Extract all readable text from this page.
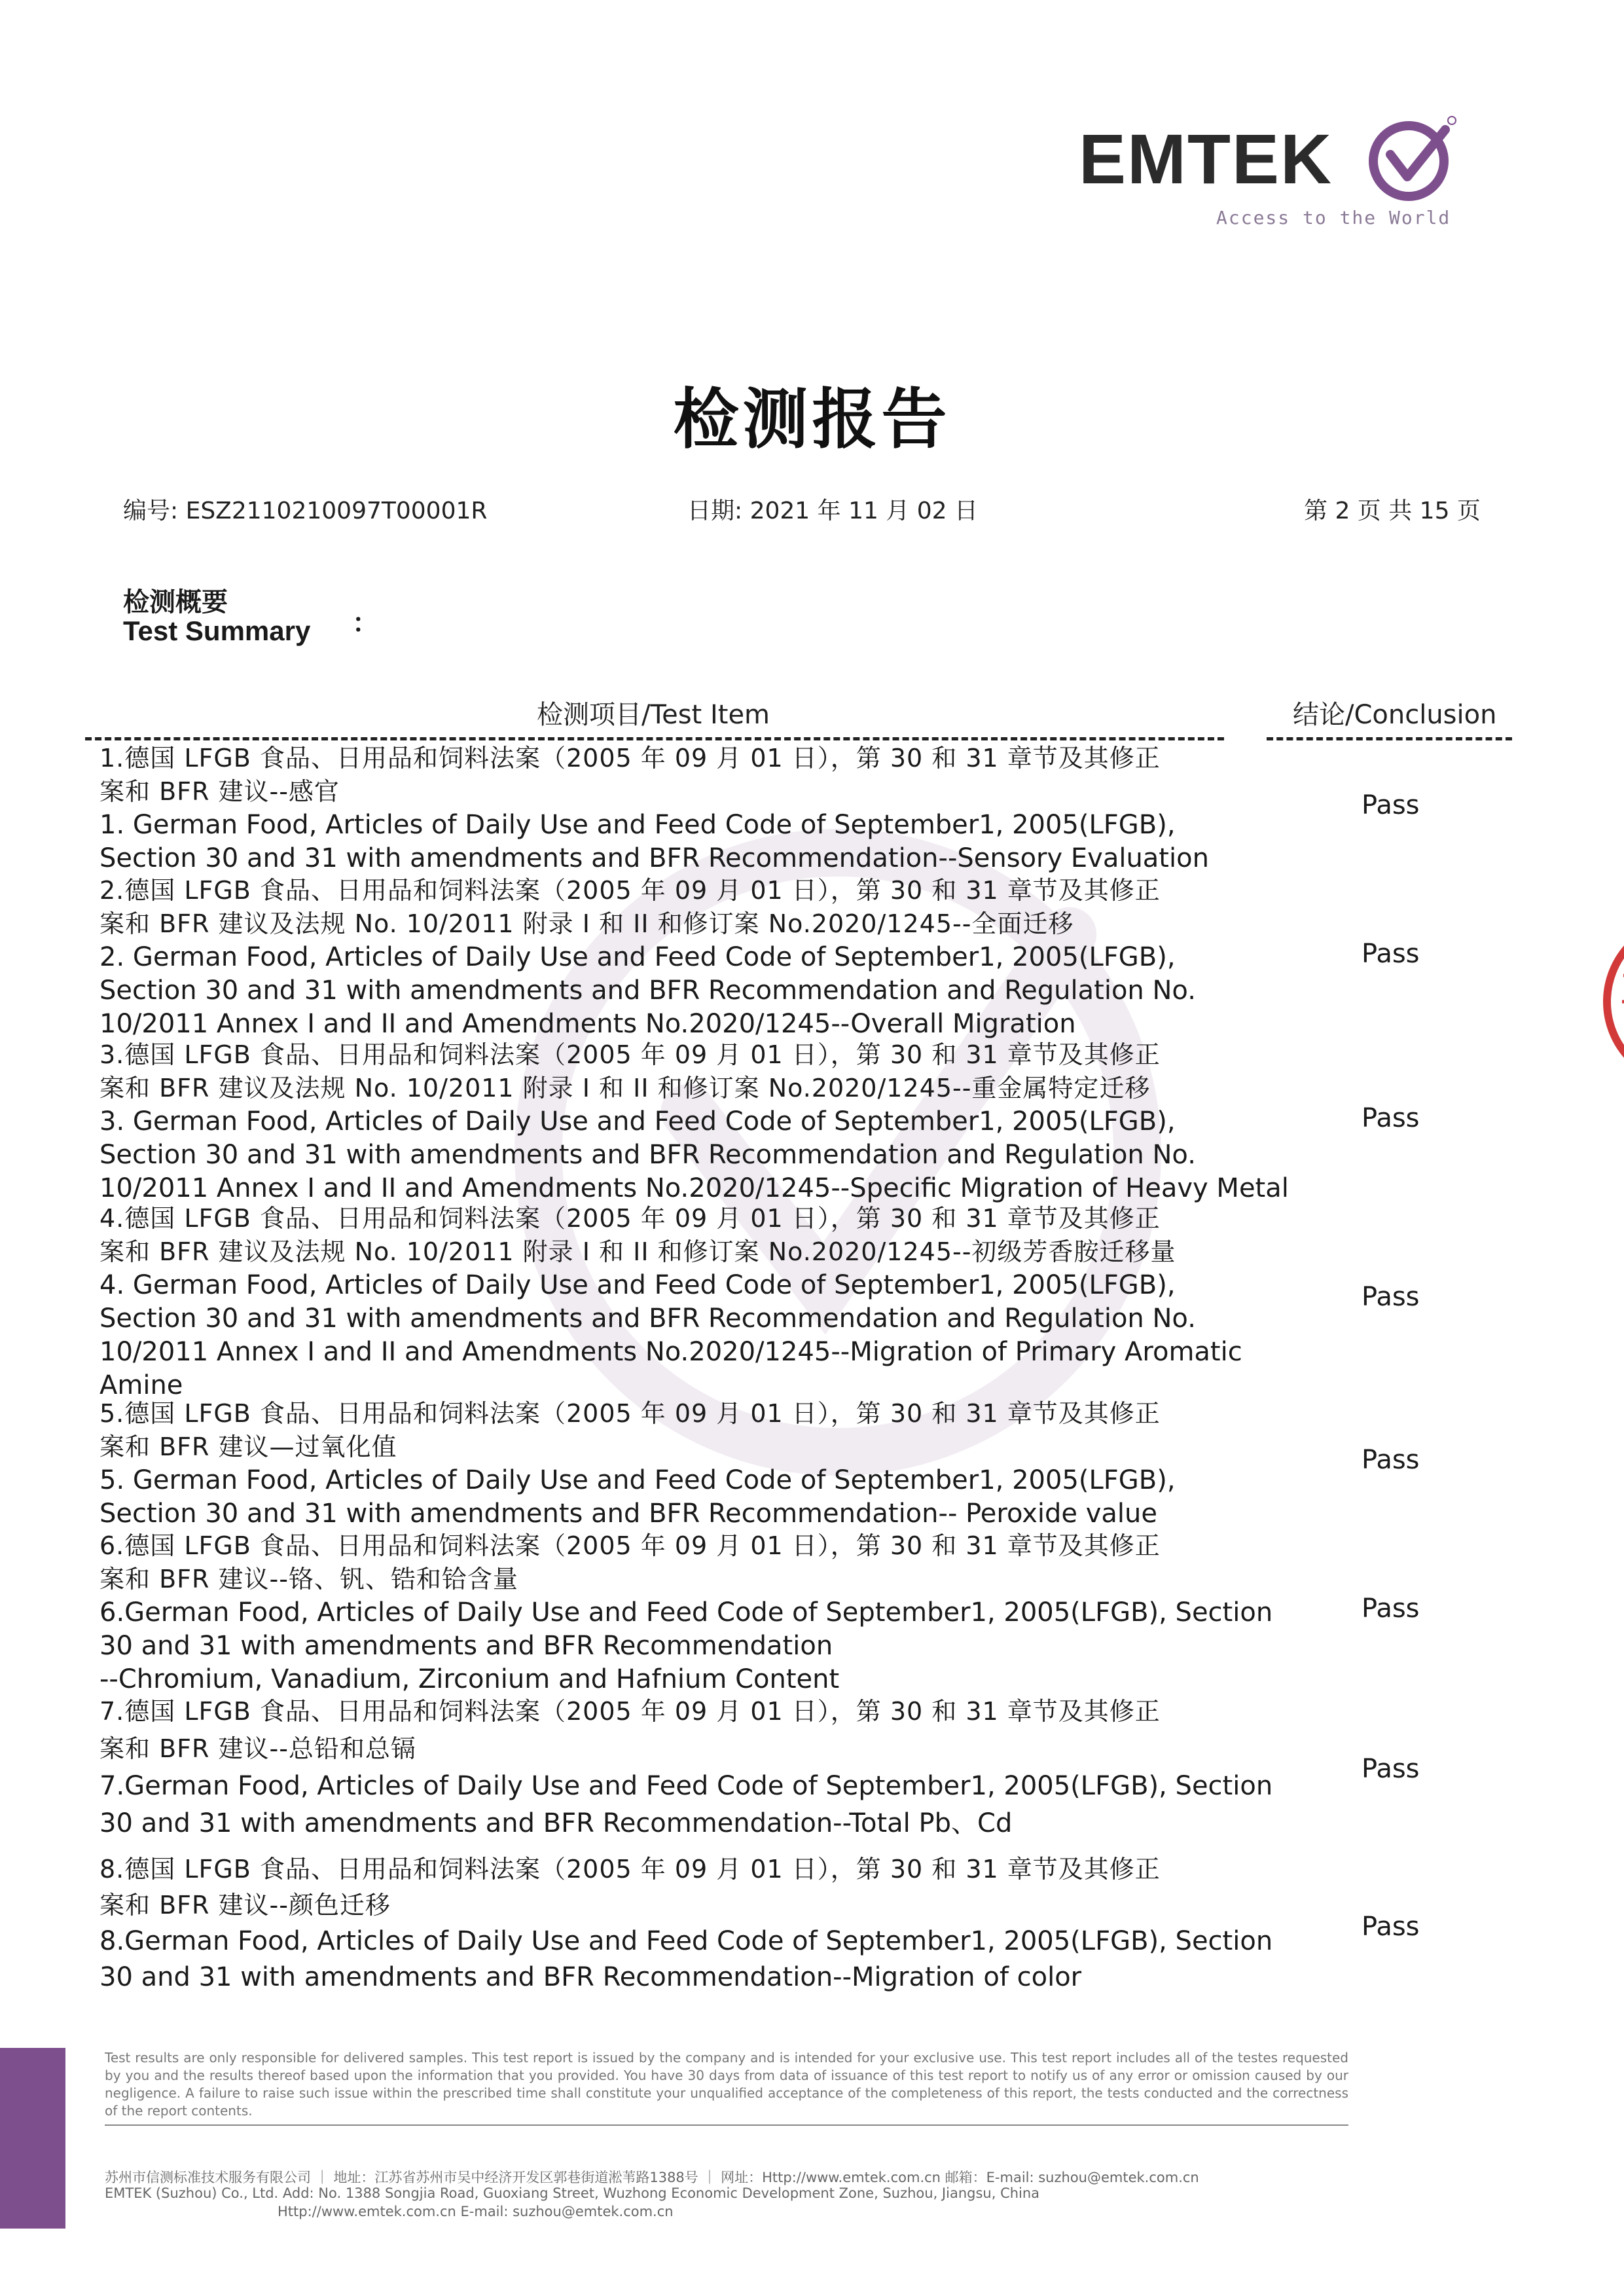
EMTEK
Access to the World
检测报告
编号: ESZ2110210097T00001R	日期: 2021 年 11 月 02 日	第 2 页 共 15 页
检测概要
Test Summary ：
检测项目/Test Item	结论/Conclusion
1.德国 LFGB 食品、日用品和饲料法案（2005 年 09 月 01 日），第 30 和 31 章节及其修正
案和 BFR 建议--感官
1. German Food, Articles of Daily Use and Feed Code of September1, 2005(LFGB),
Section 30 and 31 with amendments and BFR Recommendation--Sensory Evaluation
Pass
2.德国 LFGB 食品、日用品和饲料法案（2005 年 09 月 01 日），第 30 和 31 章节及其修正
案和 BFR 建议及法规 No. 10/2011 附录 I 和 II 和修订案 No.2020/1245--全面迁移
2. German Food, Articles of Daily Use and Feed Code of September1, 2005(LFGB),
Section 30 and 31 with amendments and BFR Recommendation and Regulation No.
10/2011 Annex I and II and Amendments No.2020/1245--Overall Migration
Pass
3.德国 LFGB 食品、日用品和饲料法案（2005 年 09 月 01 日），第 30 和 31 章节及其修正
案和 BFR 建议及法规 No. 10/2011 附录 I 和 II 和修订案 No.2020/1245--重金属特定迁移
3. German Food, Articles of Daily Use and Feed Code of September1, 2005(LFGB),
Section 30 and 31 with amendments and BFR Recommendation and Regulation No.
10/2011 Annex I and II and Amendments No.2020/1245--Specific Migration of Heavy Metal
Pass
4.德国 LFGB 食品、日用品和饲料法案（2005 年 09 月 01 日），第 30 和 31 章节及其修正
案和 BFR 建议及法规 No. 10/2011 附录 I 和 II 和修订案 No.2020/1245--初级芳香胺迁移量
4. German Food, Articles of Daily Use and Feed Code of September1, 2005(LFGB),
Section 30 and 31 with amendments and BFR Recommendation and Regulation No.
10/2011 Annex I and II and Amendments No.2020/1245--Migration of Primary Aromatic
Amine
Pass
5.德国 LFGB 食品、日用品和饲料法案（2005 年 09 月 01 日），第 30 和 31 章节及其修正
案和 BFR 建议—过氧化值
5. German Food, Articles of Daily Use and Feed Code of September1, 2005(LFGB),
Section 30 and 31 with amendments and BFR Recommendation-- Peroxide value
Pass
6.德国 LFGB 食品、日用品和饲料法案（2005 年 09 月 01 日），第 30 和 31 章节及其修正
案和 BFR 建议--铬、钒、锆和铪含量
6.German Food, Articles of Daily Use and Feed Code of September1, 2005(LFGB), Section
30 and 31 with amendments and BFR Recommendation
--Chromium, Vanadium, Zirconium and Hafnium Content
Pass
7.德国 LFGB 食品、日用品和饲料法案（2005 年 09 月 01 日），第 30 和 31 章节及其修正
案和 BFR 建议--总铅和总镉
7.German Food, Articles of Daily Use and Feed Code of September1, 2005(LFGB), Section
30 and 31 with amendments and BFR Recommendation--Total Pb、Cd
Pass
8.德国 LFGB 食品、日用品和饲料法案（2005 年 09 月 01 日），第 30 和 31 章节及其修正
案和 BFR 建议--颜色迁移
8.German Food, Articles of Daily Use and Feed Code of September1, 2005(LFGB), Section
30 and 31 with amendments and BFR Recommendation--Migration of color
Pass
Test results are only responsible for delivered samples. This test report is issued by the company and is intended for your exclusive use. This test report includes all of the testes requested by you and the results thereof based upon the information that you provided. You have 30 days from data of issuance of this test report to notify us of any error or omission caused by our negligence. A failure to raise such issue within the prescribed time shall constitute your unqualified acceptance of the completeness of this report, the tests conducted and the correctness of the report contents.
苏州市信测标准技术服务有限公司 ｜ 地址：江苏省苏州市吴中经济开发区郭巷街道淞苇路1388号 ｜ 网址：Http://www.emtek.com.cn 邮箱：E-mail: suzhou@emtek.com.cn
EMTEK (Suzhou) Co., Ltd. Add: No. 1388 Songjia Road, Guoxiang Street, Wuzhong Economic Development Zone, Suzhou, Jiangsu, China
Http://www.emtek.com.cn E-mail: suzhou@emtek.com.cn
